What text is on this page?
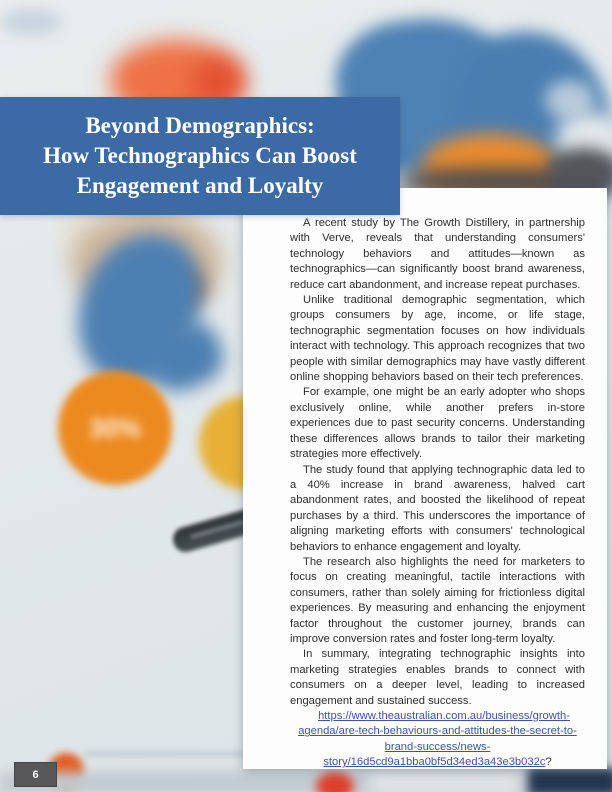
30%

A recent study by The Growth Distillery, in partnership with Verve, reveals that understanding consumers' technology behaviors and attitudes—known as technographics—can significantly boost brand awareness, reduce cart abandonment, and increase repeat purchases.

Unlike traditional demographic segmentation, which groups consumers by age, income, or life stage, technographic segmentation focuses on how individuals interact with technology. This approach recognizes that two people with similar demographics may have vastly different online shopping behaviors based on their tech preferences.

For example, one might be an early adopter who shops exclusively online, while another prefers in-store experiences due to past security concerns. Understanding these differences allows brands to tailor their marketing strategies more effectively.

The study found that applying technographic data led to a 40% increase in brand awareness, halved cart abandonment rates, and boosted the likelihood of repeat purchases by a third. This underscores the importance of aligning marketing efforts with consumers' technological behaviors to enhance engagement and loyalty.

The research also highlights the need for marketers to focus on creating meaningful, tactile interactions with consumers, rather than solely aiming for frictionless digital experiences. By measuring and enhancing the enjoyment factor throughout the customer journey, brands can improve conversion rates and foster long-term loyalty.

In summary, integrating technographic insights into marketing strategies enables brands to connect with consumers on a deeper level, leading to increased engagement and sustained success.

https://www.theaustralian.com.au/business/growth-agenda/are-tech-behaviours-and-attitudes-the-secret-to-brand-success/news-story/16d5cd9a1bba0bf5d34ed3a43e3b032c?

Beyond Demographics:
How Technographics Can Boost
Engagement and Loyalty
6
